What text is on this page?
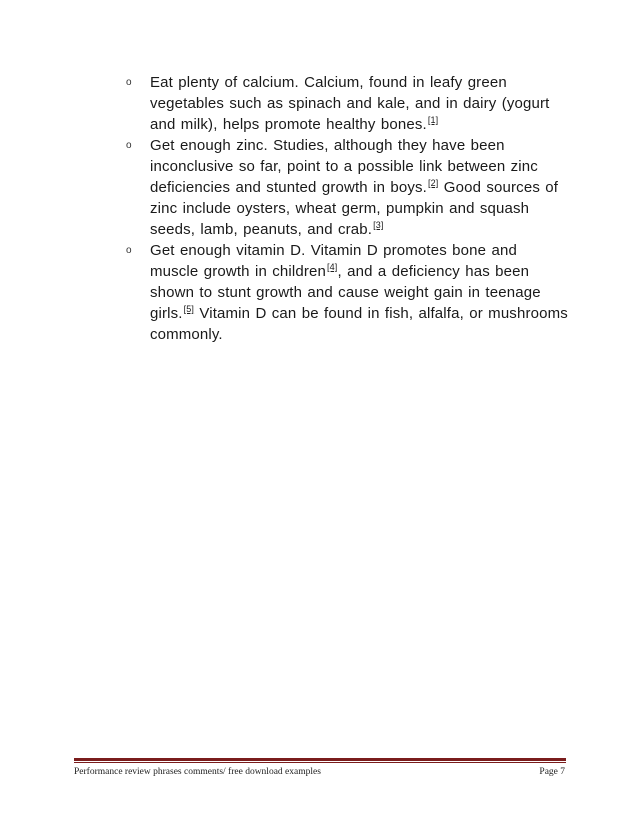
o Eat plenty of calcium. Calcium, found in leafy green vegetables such as spinach and kale, and in dairy (yogurt and milk), helps promote healthy bones.[1]
o Get enough zinc. Studies, although they have been inconclusive so far, point to a possible link between zinc deficiencies and stunted growth in boys.[2] Good sources of zinc include oysters, wheat germ, pumpkin and squash seeds, lamb, peanuts, and crab.[3]
o Get enough vitamin D. Vitamin D promotes bone and muscle growth in children[4], and a deficiency has been shown to stunt growth and cause weight gain in teenage girls.[5] Vitamin D can be found in fish, alfalfa, or mushrooms commonly.
Performance review phrases comments/ free download examples	Page 7
